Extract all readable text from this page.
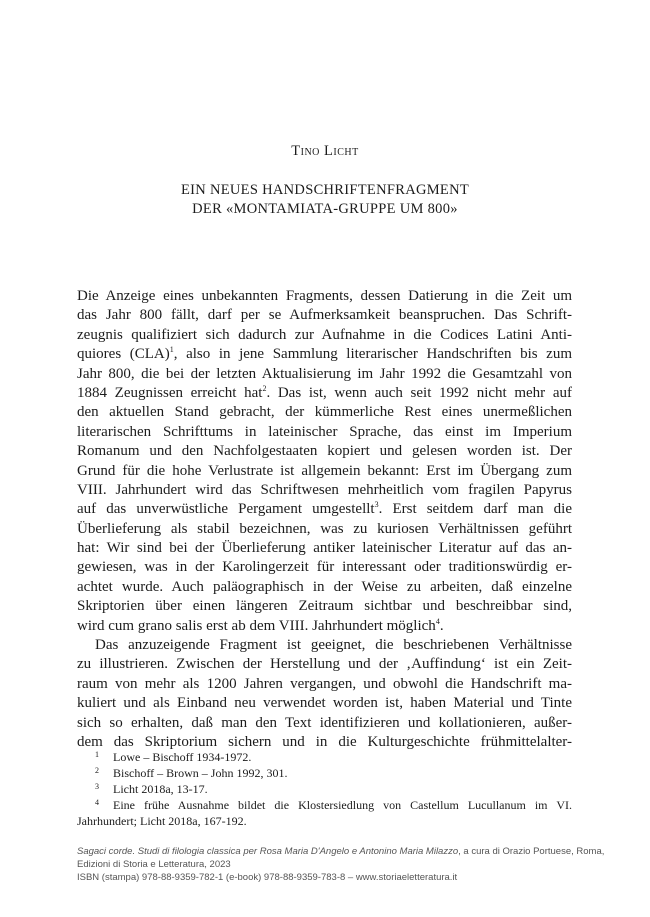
Tino Licht
EIN NEUES HANDSCHRIFTENFRAGMENT
DER «MONTAMIATA-GRUPPE UM 800»
Die Anzeige eines unbekannten Fragments, dessen Datierung in die Zeit um
das Jahr 800 fällt, darf per se Aufmerksamkeit beanspruchen. Das Schrift-
zeugnis qualifiziert sich dadurch zur Aufnahme in die Codices Latini Anti-
quiores (CLA)$^1$, also in jene Sammlung literarischer Handschriften bis zum
Jahr 800, die bei der letzten Aktualisierung im Jahr 1992 die Gesamtzahl von
1884 Zeugnissen erreicht hat$^2$. Das ist, wenn auch seit 1992 nicht mehr auf
den aktuellen Stand gebracht, der kümmerliche Rest eines unermeßlichen
literarischen Schrifttums in lateinischer Sprache, das einst im Imperium
Romanum und den Nachfolgestaaten kopiert und gelesen worden ist. Der
Grund für die hohe Verlustrate ist allgemein bekannt: Erst im Übergang zum
VIII. Jahrhundert wird das Schriftwesen mehrheitlich vom fragilen Papyrus
auf das unverwüstliche Pergament umgestellt$^3$. Erst seitdem darf man die
Überlieferung als stabil bezeichnen, was zu kuriosen Verhältnissen geführt
hat: Wir sind bei der Überlieferung antiker lateinischer Literatur auf das an-
gewiesen, was in der Karolingerzeit für interessant oder traditionswürdig er-
achtet wurde. Auch paläographisch in der Weise zu arbeiten, daß einzelne
Skriptorien über einen längeren Zeitraum sichtbar und beschreibbar sind,
wird cum grano salis erst ab dem VIII. Jahrhundert möglich$^4$.
Das anzuzeigende Fragment ist geeignet, die beschriebenen Verhältnisse
zu illustrieren. Zwischen der Herstellung und der ‚Auffindung‘ ist ein Zeit-
raum von mehr als 1200 Jahren vergangen, und obwohl die Handschrift ma-
kuliert und als Einband neu verwendet worden ist, haben Material und Tinte
sich so erhalten, daß man den Text identifizieren und kollationieren, außer-
dem das Skriptorium sichern und in die Kulturgeschichte frühmittelalter-
$^1$ Lowe – Bischoff 1934-1972.
$^2$ Bischoff – Brown – John 1992, 301.
$^3$ Licht 2018a, 13-17.
$^4$ Eine frühe Ausnahme bildet die Klostersiedlung von Castellum Lucullanum im VI.
Jahrhundert; Licht 2018a, 167-192.
Sagaci corde. Studi di filologia classica per Rosa Maria D'Angelo e Antonino Maria Milazzo, a cura di Orazio Portuese, Roma,
Edizioni di Storia e Letteratura, 2023
ISBN (stampa) 978-88-9359-782-1 (e-book) 978-88-9359-783-8 – www.storiaeletteratura.it
